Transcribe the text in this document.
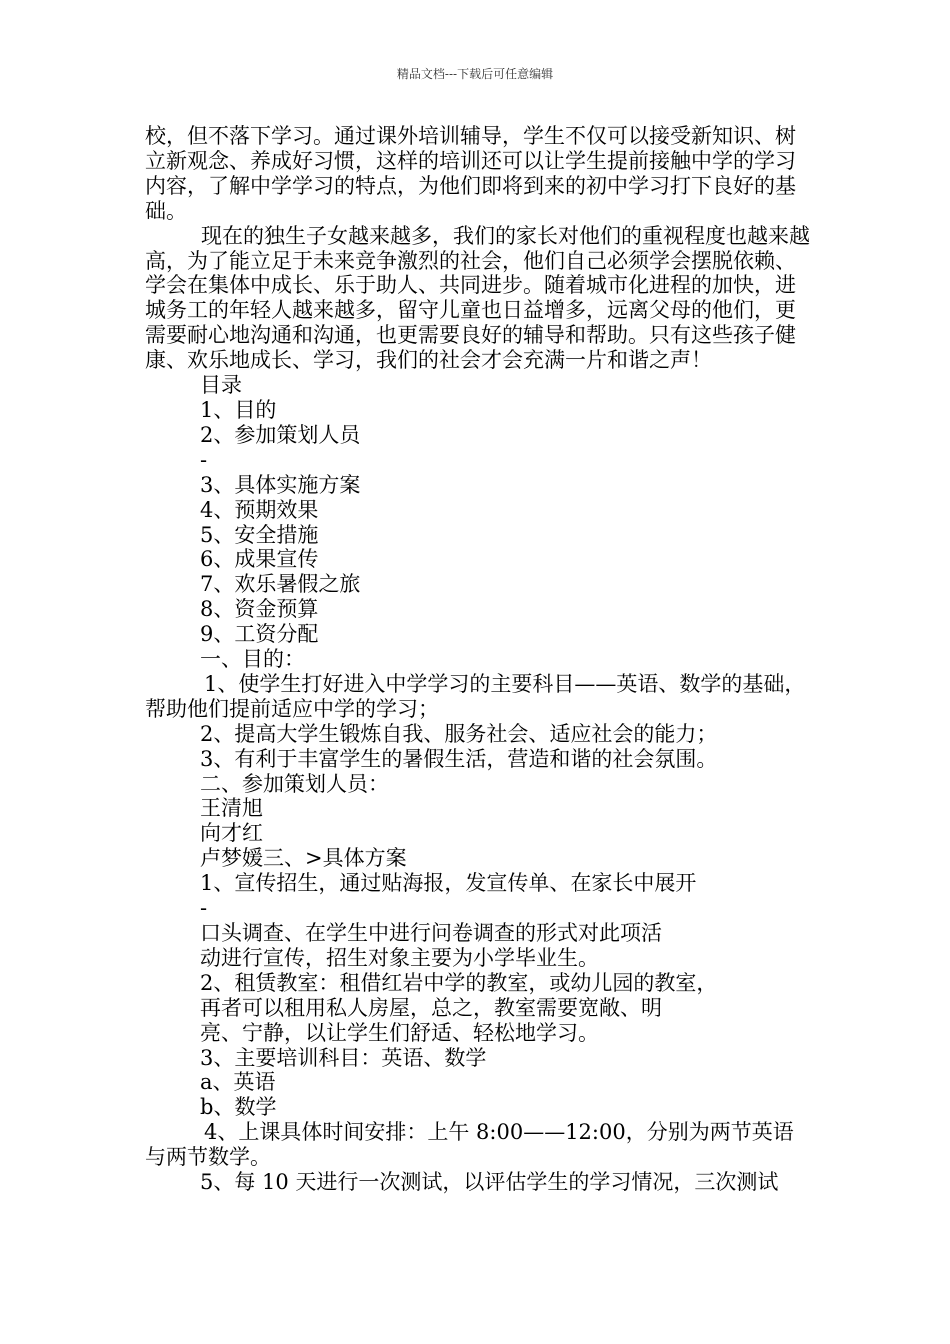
精品文档---下载后可任意编辑

校，但不落下学习。通过课外培训辅导，学生不仅可以接受新知识、树立新观念、养成好习惯，这样的培训还可以让学生提前接触中学的学习内容，了解中学学习的特点，为他们即将到来的初中学习打下良好的基础。

现在的独生子女越来越多，我们的家长对他们的重视程度也越来越高，为了能立足于未来竞争激烈的社会，他们自己必须学会摆脱依赖、学会在集体中成长、乐于助人、共同进步。随着城市化进程的加快，进城务工的年轻人越来越多，留守儿童也日益增多，远离父母的他们，更需要耐心地沟通和沟通，也更需要良好的辅导和帮助。只有这些孩子健康、欢乐地成长、学习，我们的社会才会充满一片和谐之声！

目录

1、目的

2、参加策划人员

-

3、具体实施方案

4、预期效果

5、安全措施

6、成果宣传

7、欢乐暑假之旅

8、资金预算

9、工资分配

一、目的：

1、使学生打好进入中学学习的主要科目——英语、数学的基础，帮助他们提前适应中学的学习；

2、提高大学生锻炼自我、服务社会、适应社会的能力；

3、有利于丰富学生的暑假生活，营造和谐的社会氛围。

二、参加策划人员：

王清旭

向才红

卢梦媛三、>具体方案

1、宣传招生，通过贴海报，发宣传单、在家长中展开

-

口头调查、在学生中进行问卷调查的形式对此项活

动进行宣传，招生对象主要为小学毕业生。

2、租赁教室：租借红岩中学的教室，或幼儿园的教室，

再者可以租用私人房屋，总之，教室需要宽敞、明

亮、宁静，以让学生们舒适、轻松地学习。

3、主要培训科目：英语、数学

a、英语

b、数学

4、上课具体时间安排：上午 8:00——12:00，分别为两节英语与两节数学。

5、每 10 天进行一次测试，以评估学生的学习情况，三次测试
